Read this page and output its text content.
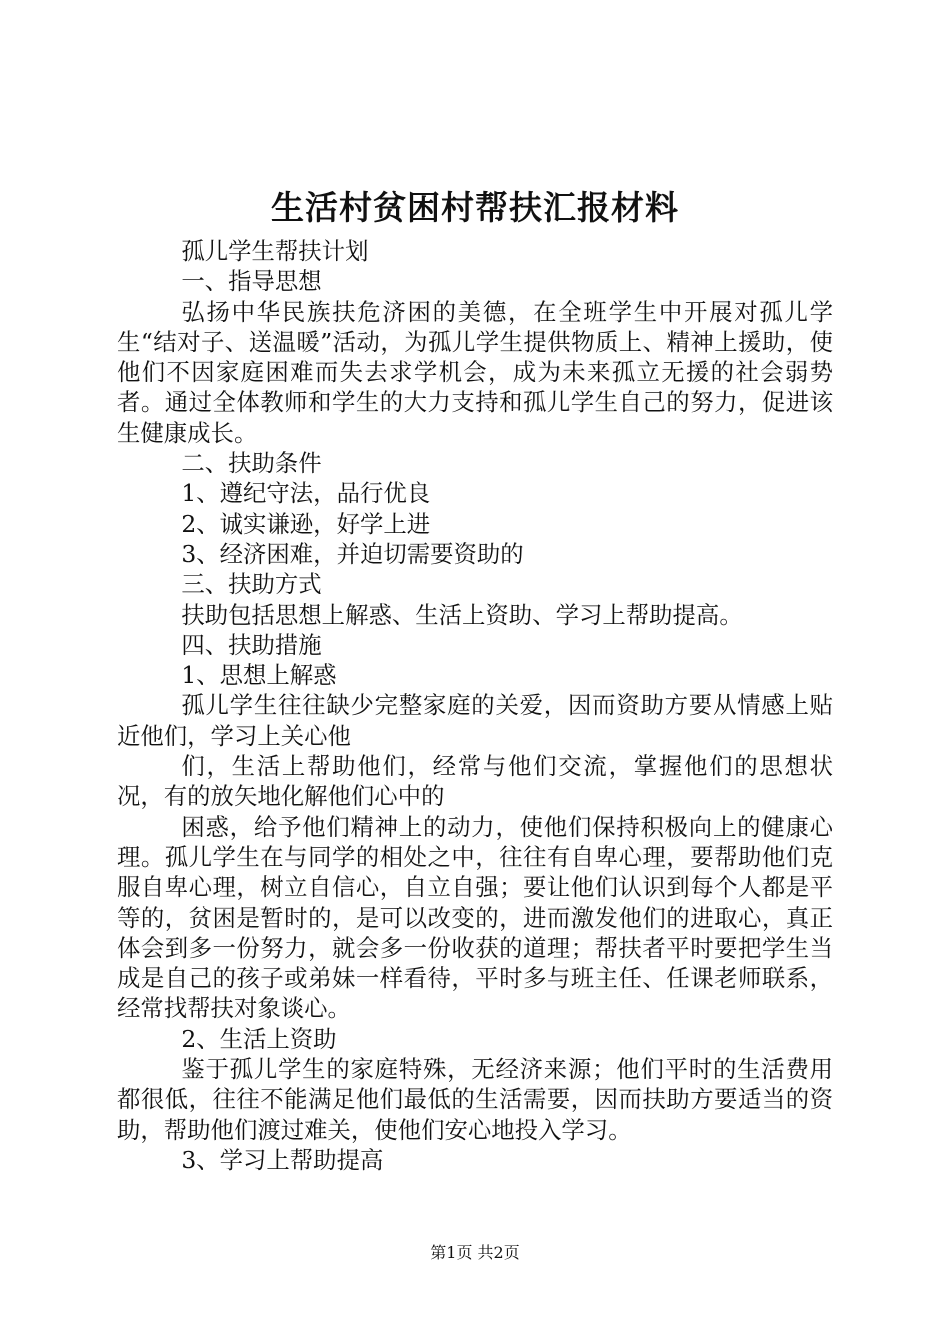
生活村贫困村帮扶汇报材料

孤儿学生帮扶计划

一、指导思想

弘扬中华民族扶危济困的美德，在全班学生中开展对孤儿学生“结对子、送温暖”活动，为孤儿学生提供物质上、精神上援助，使他们不因家庭困难而失去求学机会，成为未来孤立无援的社会弱势者。通过全体教师和学生的大力支持和孤儿学生自己的努力，促进该生健康成长。

二、扶助条件

1、遵纪守法，品行优良

2、诚实谦逊，好学上进

3、经济困难，并迫切需要资助的

三、扶助方式

扶助包括思想上解惑、生活上资助、学习上帮助提高。

四、扶助措施

1、思想上解惑

孤儿学生往往缺少完整家庭的关爱，因而资助方要从情感上贴近他们，学习上关心他

们，生活上帮助他们，经常与他们交流，掌握他们的思想状况，有的放矢地化解他们心中的

困惑，给予他们精神上的动力，使他们保持积极向上的健康心理。孤儿学生在与同学的相处之中，往往有自卑心理，要帮助他们克服自卑心理，树立自信心，自立自强；要让他们认识到每个人都是平等的，贫困是暂时的，是可以改变的，进而激发他们的进取心，真正体会到多一份努力，就会多一份收获的道理；帮扶者平时要把学生当成是自己的孩子或弟妹一样看待，平时多与班主任、任课老师联系，经常找帮扶对象谈心。

2、生活上资助

鉴于孤儿学生的家庭特殊，无经济来源；他们平时的生活费用都很低，往往不能满足他们最低的生活需要，因而扶助方要适当的资助，帮助他们渡过难关，使他们安心地投入学习。

3、学习上帮助提高

第1页 共2页
